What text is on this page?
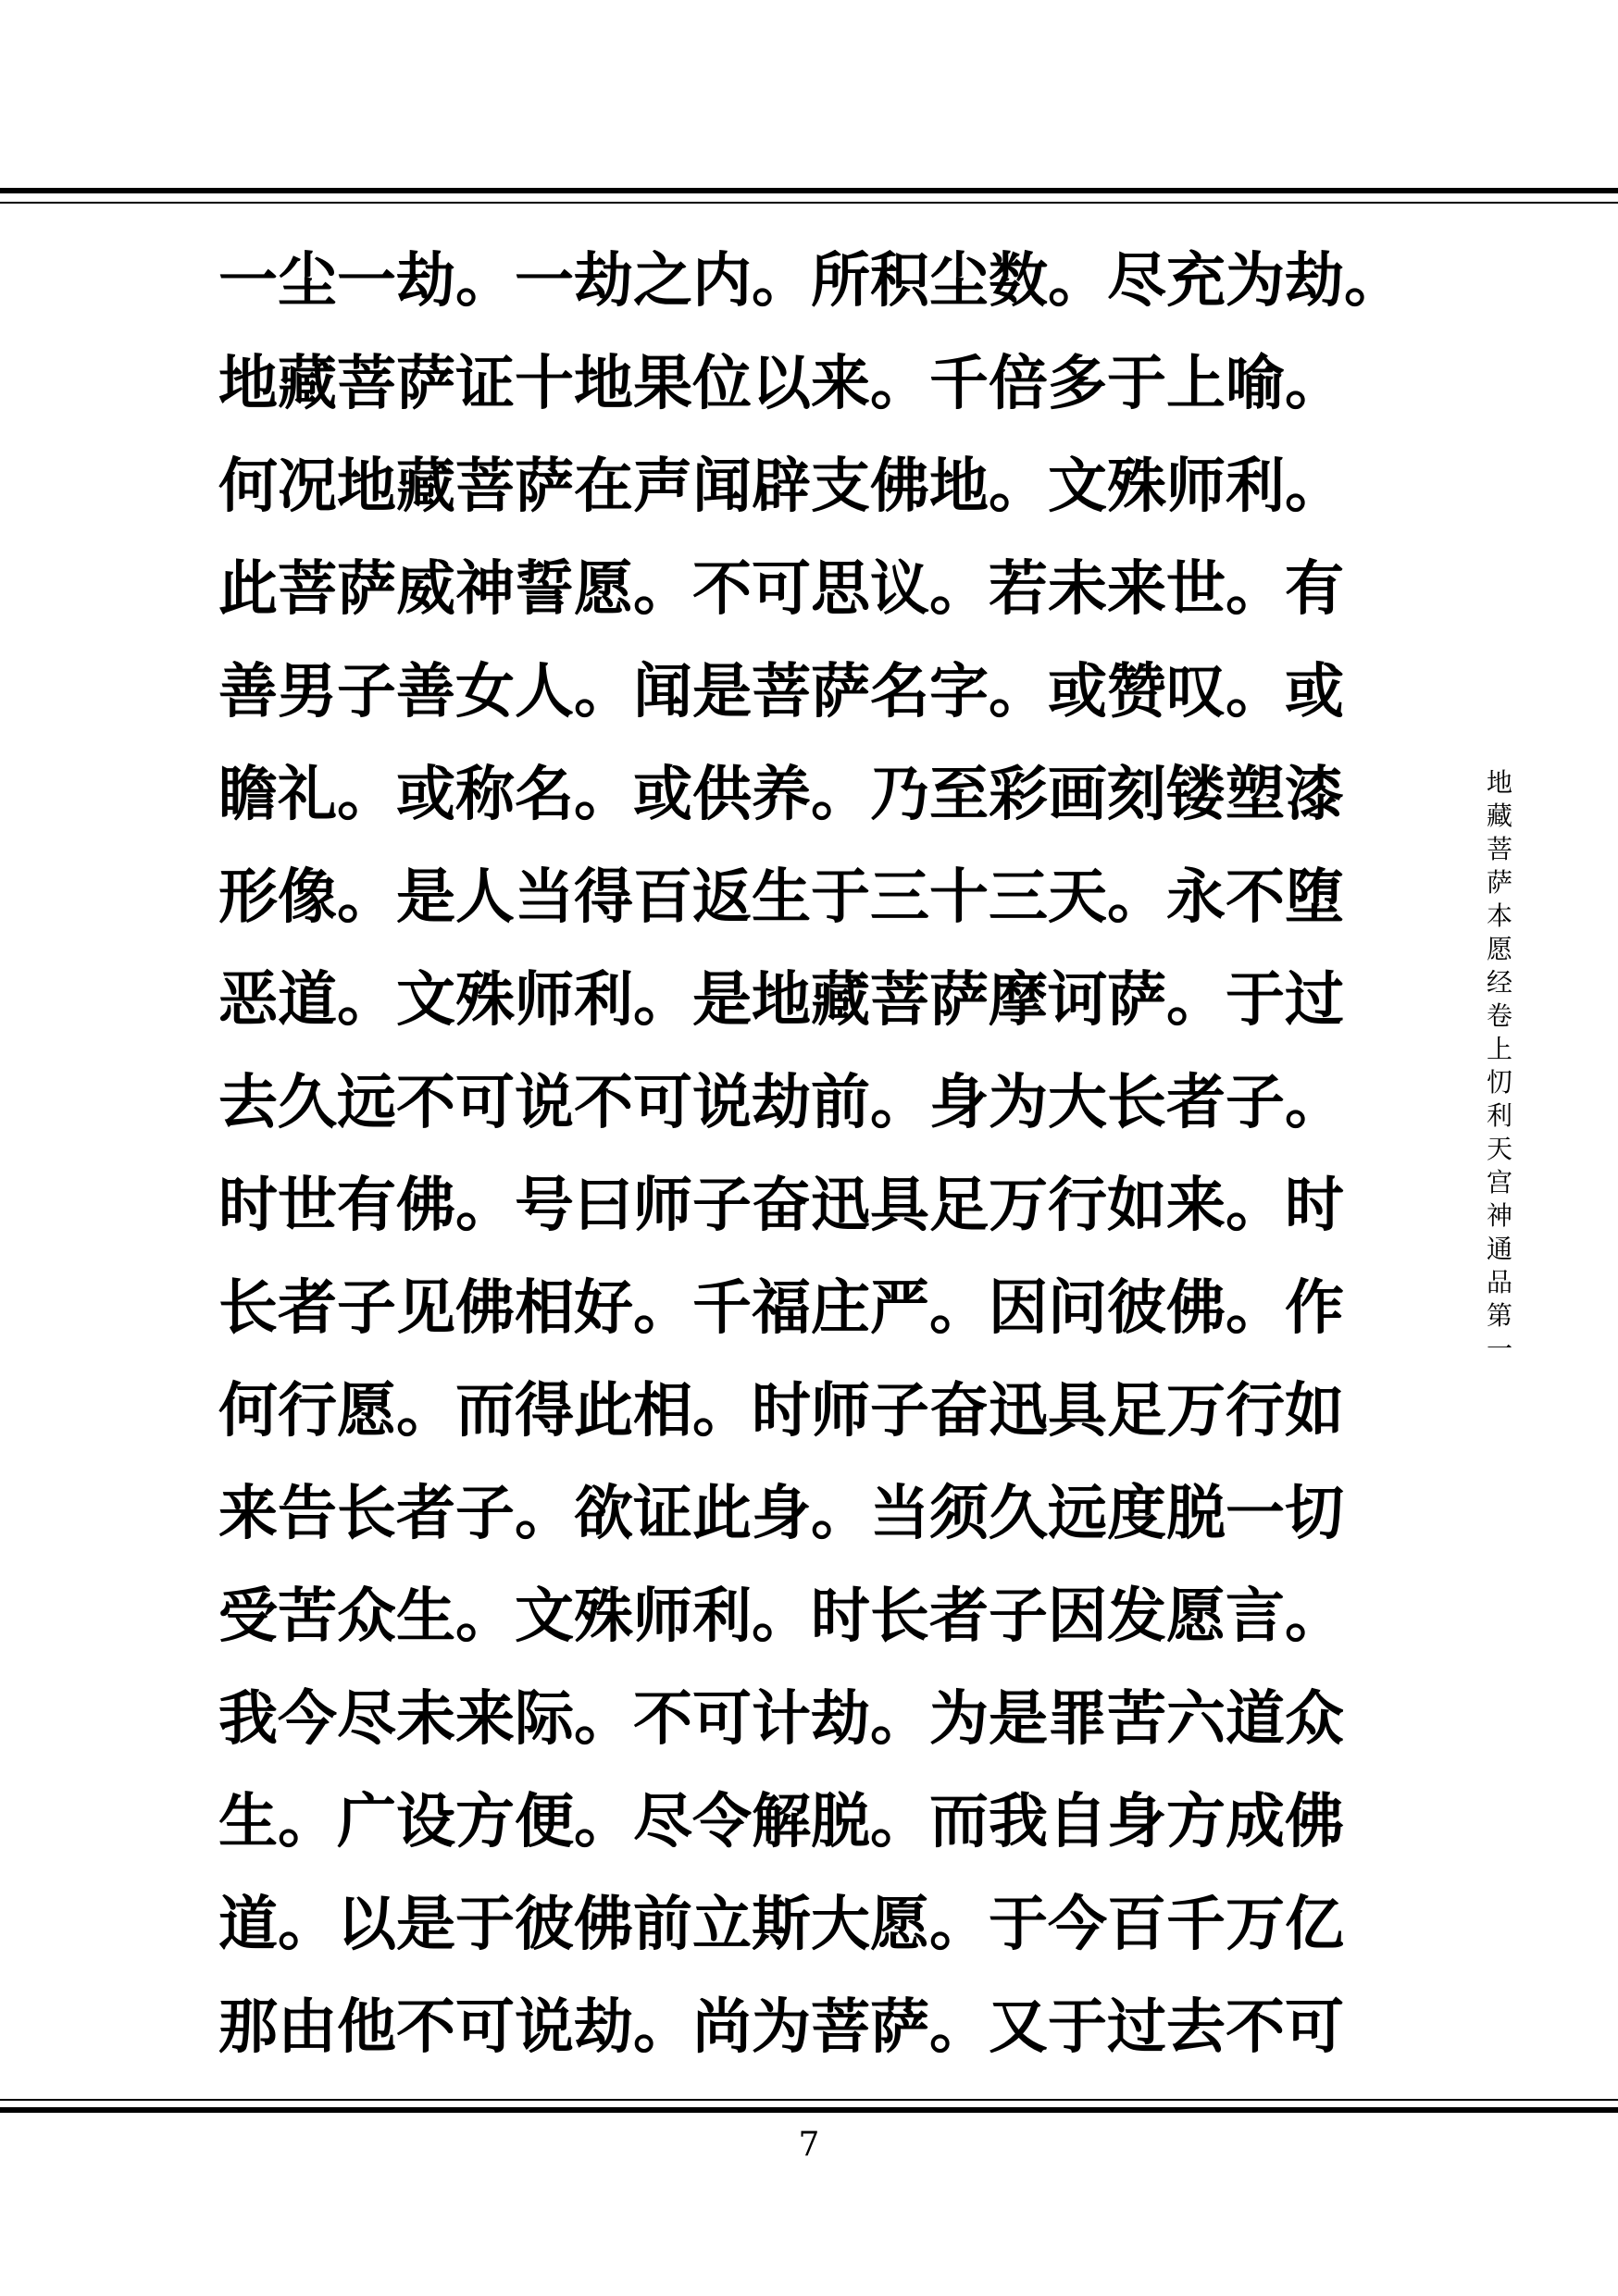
一尘一劫。一劫之内。所积尘数。尽充为劫。
地藏菩萨证十地果位以来。千倍多于上喻。
何况地藏菩萨在声闻辟支佛地。文殊师利。
此菩萨威神誓愿。不可思议。若未来世。有
善男子善女人。闻是菩萨名字。或赞叹。或
瞻礼。或称名。或供养。乃至彩画刻镂塑漆
形像。是人当得百返生于三十三天。永不堕
恶道。文殊师利。是地藏菩萨摩诃萨。于过
去久远不可说不可说劫前。身为大长者子。
时世有佛。号曰师子奋迅具足万行如来。时
长者子见佛相好。千福庄严。因问彼佛。作
何行愿。而得此相。时师子奋迅具足万行如
来告长者子。欲证此身。当须久远度脱一切
受苦众生。文殊师利。时长者子因发愿言。
我今尽未来际。不可计劫。为是罪苦六道众
生。广设方便。尽令解脱。而我自身方成佛
道。以是于彼佛前立斯大愿。于今百千万亿
那由他不可说劫。尚为菩萨。又于过去不可
地藏菩萨本愿经卷上　忉利天宫神通品第一
7
